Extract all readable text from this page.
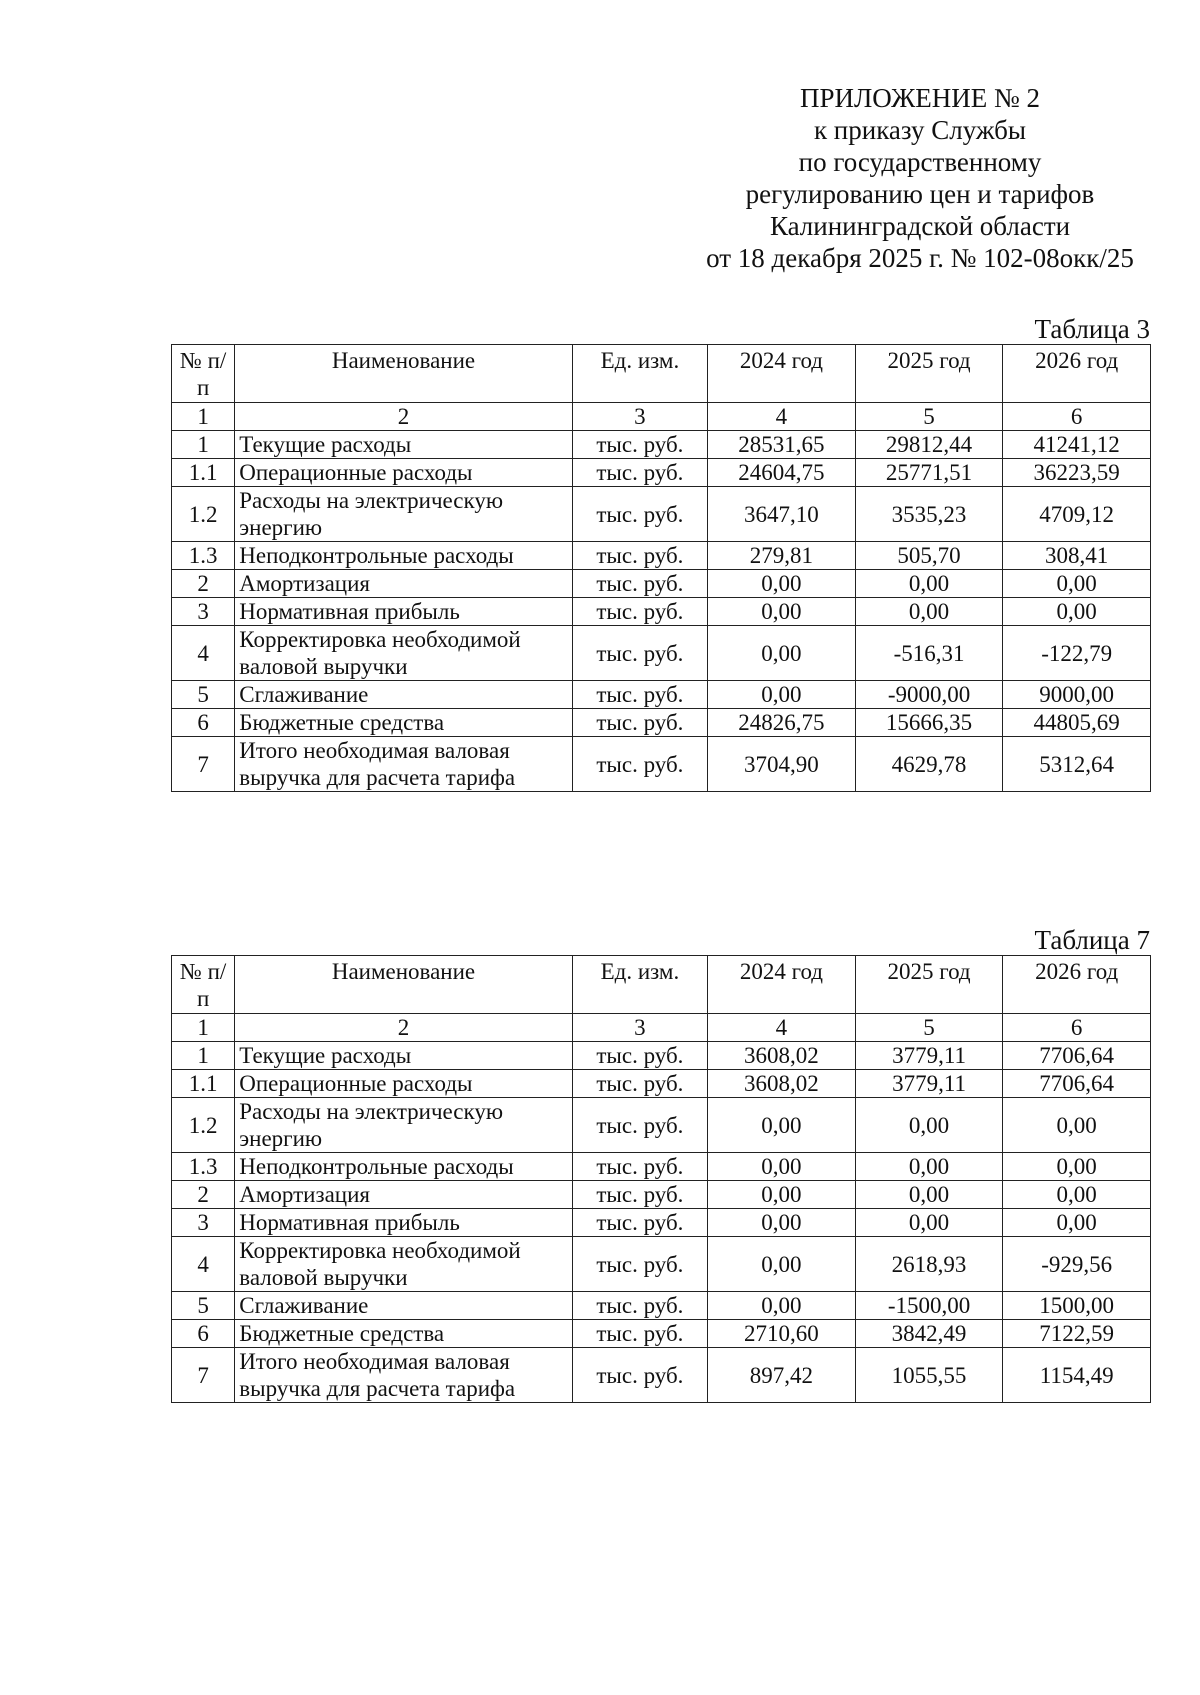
ПРИЛОЖЕНИЕ № 2
к приказу Службы
по государственному
регулированию цен и тарифов
Калининградской области
от 18 декабря 2025 г. № 102-08окк/25
Таблица 3
№ п/п	Наименование	Ед. изм.	2024 год	2025 год	2026 год
1	2	3	4	5	6
1	Текущие расходы	тыс. руб.	28531,65	29812,44	41241,12
1.1	Операционные расходы	тыс. руб.	24604,75	25771,51	36223,59
1.2	Расходы на электрическую энергию	тыс. руб.	3647,10	3535,23	4709,12
1.3	Неподконтрольные расходы	тыс. руб.	279,81	505,70	308,41
2	Амортизация	тыс. руб.	0,00	0,00	0,00
3	Нормативная прибыль	тыс. руб.	0,00	0,00	0,00
4	Корректировка необходимой валовой выручки	тыс. руб.	0,00	-516,31	-122,79
5	Сглаживание	тыс. руб.	0,00	-9000,00	9000,00
6	Бюджетные средства	тыс. руб.	24826,75	15666,35	44805,69
7	Итого необходимая валовая выручка для расчета тарифа	тыс. руб.	3704,90	4629,78	5312,64
Таблица 7
№ п/п	Наименование	Ед. изм.	2024 год	2025 год	2026 год
1	2	3	4	5	6
1	Текущие расходы	тыс. руб.	3608,02	3779,11	7706,64
1.1	Операционные расходы	тыс. руб.	3608,02	3779,11	7706,64
1.2	Расходы на электрическую энергию	тыс. руб.	0,00	0,00	0,00
1.3	Неподконтрольные расходы	тыс. руб.	0,00	0,00	0,00
2	Амортизация	тыс. руб.	0,00	0,00	0,00
3	Нормативная прибыль	тыс. руб.	0,00	0,00	0,00
4	Корректировка необходимой валовой выручки	тыс. руб.	0,00	2618,93	-929,56
5	Сглаживание	тыс. руб.	0,00	-1500,00	1500,00
6	Бюджетные средства	тыс. руб.	2710,60	3842,49	7122,59
7	Итого необходимая валовая выручка для расчета тарифа	тыс. руб.	897,42	1055,55	1154,49
